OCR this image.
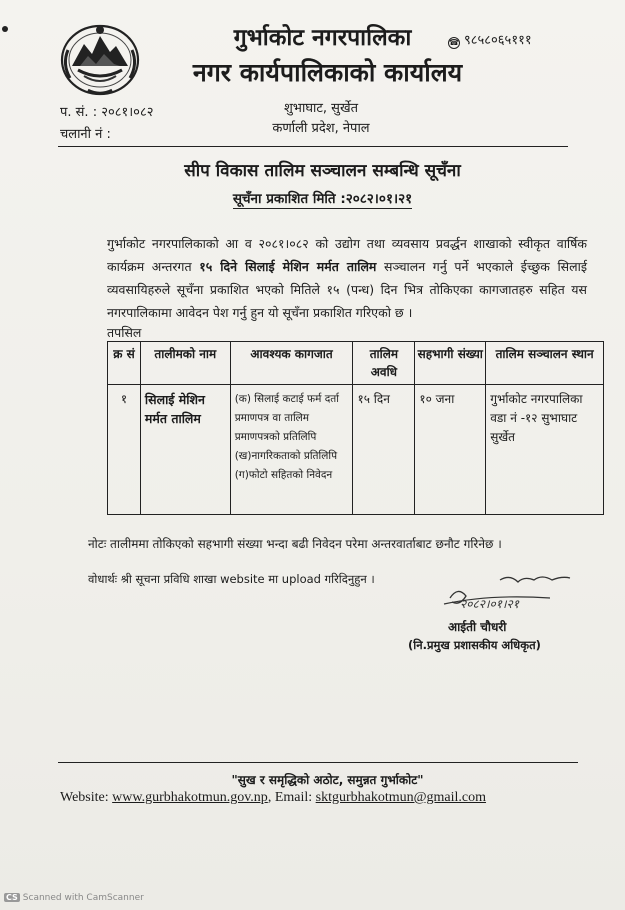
गुर्भाकोट नगरपालिका	☎ ९८५८०६५१११
नगर कार्यपालिकाको कार्यालय
प. सं. : २०८१।०८२
चलानी नं :
शुभाघाट, सुर्खेत
कर्णाली प्रदेश, नेपाल
सीप विकास तालिम सञ्चालन सम्बन्धि सूचँना
सूचँना प्रकाशित मिति :२०८२।०१।२१
गुर्भाकोट नगरपालिकाको आ व २०८१।०८२ को उद्योग तथा व्यवसाय प्रवर्द्धन शाखाको स्वीकृत वार्षिक कार्यक्रम अन्तरगत १५ दिने सिलाई मेशिन मर्मत तालिम सञ्चालन गर्नु पर्ने भएकाले ईच्छुक सिलाई व्यवसायिहरुले सूचँना प्रकाशित भएको मितिले १५ (पन्ध) दिन भित्र तोकिएका कागजातहरु सहित यस नगरपालिकामा आवेदन पेश गर्नु हुन यो सूचँना प्रकाशित गरिएको छ ।
तपसिल
क्र सं	तालीमको नाम	आवश्यक कागजात	तालिम अवधि	सहभागी संख्या	तालिम सञ्चालन स्थान
१	सिलाई मेशिन मर्मत तालिम	(क) सिलाई कटाई फर्म दर्ता प्रमाणपत्र वा तालिम प्रमाणपत्रको प्रतिलिपि (ख)नागरिकताको प्रतिलिपि (ग)फोटो सहितको निवेदन	१५ दिन	१० जना	गुर्भाकोट नगरपालिका वडा नं -१२ सुभाघाट सुर्खेत
नोटः तालीममा तोकिएको सहभागी संख्या भन्दा बढी निवेदन परेमा अन्तरवार्ताबाट छनौट गरिनेछ ।
वोधार्थः श्री सूचना प्रविधि शाखा website मा upload गरिदिनुहुन ।
२०८२।०१।२१
आईती चौधरी
(नि.प्रमुख प्रशासकीय अधिकृत)
"सुख र समृद्धिको अठोट, समुन्नत गुर्भाकोट"
Website: www.gurbhakotmun.gov.np, Email: sktgurbhakotmun@gmail.com
CS Scanned with CamScanner
